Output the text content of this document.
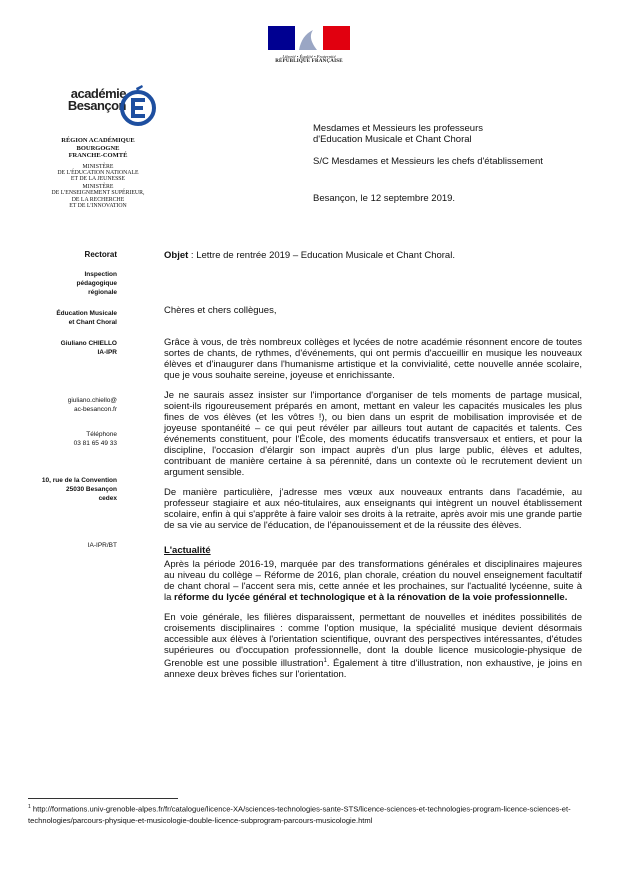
Liberté • Égalité • Fraternité
RÉPUBLIQUE FRANÇAISE
académie
Besançon
RÉGION ACADÉMIQUE
BOURGOGNE
FRANCHE-COMTÉ
MINISTÈRE
DE L'ÉDUCATION NATIONALE
ET DE LA JEUNESSE
MINISTÈRE
DE L'ENSEIGNEMENT SUPÉRIEUR,
DE LA RECHERCHE
ET DE L'INNOVATION
Rectorat
Inspection
pédagogique
régionale
Éducation Musicale
et Chant Choral
Giuliano CHIELLO
IA-IPR
giuliano.chiello@
ac-besancon.fr
Téléphone
03 81 65 49 33
10, rue de la Convention
25030 Besançon
cedex
IA-IPR/BT

Mesdames et Messieurs les professeurs
d'Education Musicale et Chant Choral

S/C Mesdames et Messieurs les chefs d'établissement

Besançon, le 12 septembre 2019.

Objet : Lettre de rentrée 2019 – Education Musicale et Chant Choral.

Chères et chers collègues,

Grâce à vous, de très nombreux collèges et lycées de notre académie résonnent encore de toutes sortes de chants, de rythmes, d'événements, qui ont permis d'accueillir en musique les nouveaux élèves et d'inaugurer dans l'humanisme artistique et la convivialité, cette nouvelle année scolaire, que je vous souhaite sereine, joyeuse et enrichissante.

Je ne saurais assez insister sur l'importance d'organiser de tels moments de partage musical, soient-ils rigoureusement préparés en amont, mettant en valeur les capacités musicales les plus fines de vos élèves (et les vôtres !), ou bien dans un esprit de mobilisation improvisée et de joyeuse spontanéité – ce qui peut révéler par ailleurs tout autant de capacités et talents. Ces événements constituent, pour l'École, des moments éducatifs transversaux et entiers, et pour la discipline, l'occasion d'élargir son impact auprès d'un plus large public, élèves et adultes, contribuant de manière certaine à sa pérennité, dans un contexte où le recrutement devient un argument sensible.

De manière particulière, j'adresse mes vœux aux nouveaux entrants dans l'académie, au professeur stagiaire et aux néo-titulaires, aux enseignants qui intègrent un nouvel établissement scolaire, enfin à qui s'apprête à faire valoir ses droits à la retraite, après avoir mis une grande partie de sa vie au service de l'éducation, de l'épanouissement et de la réussite des élèves.

L'actualité

Après la période 2016-19, marquée par des transformations générales et disciplinaires majeures au niveau du collège – Réforme de 2016, plan chorale, création du nouvel enseignement facultatif de chant choral – l'accent sera mis, cette année et les prochaines, sur l'actualité lycéenne, suite à la réforme du lycée général et technologique et à la rénovation de la voie professionnelle.

En voie générale, les filières disparaissent, permettant de nouvelles et inédites possibilités de croisements disciplinaires : comme l'option musique, la spécialité musique devient désormais accessible aux élèves à l'orientation scientifique, ouvrant des perspectives intéressantes, d'études supérieures ou d'occupation professionnelle, dont la double licence musicologie-physique de Grenoble est une possible illustration$^1$. Également à titre d'illustration, non exhaustive, je joins en annexe deux brèves fiches sur l'orientation.

$^1$ http://formations.univ-grenoble-alpes.fr/fr/catalogue/licence-XA/sciences-technologies-sante-STS/licence-sciences-et-technologies-program-licence-sciences-et-technologies/parcours-physique-et-musicologie-double-licence-subprogram-parcours-musicologie.html
